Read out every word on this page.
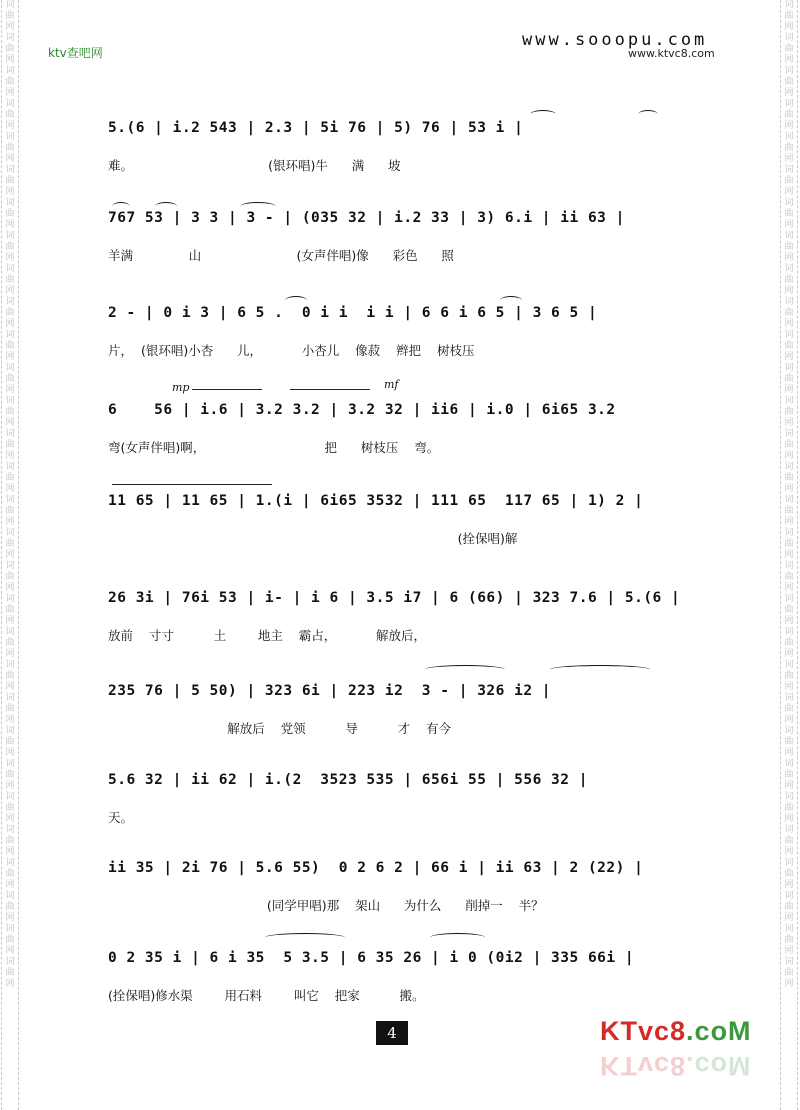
词曲网词曲网词曲网词曲网词曲网词曲网词曲网词曲网词曲网词曲网词曲网词曲网词曲网词曲网词曲网词曲网词曲网词曲网词曲网词曲网词曲网词曲网词曲网词曲网词曲网词曲网词曲网词曲网词曲网词曲网
词曲网词曲网词曲网词曲网词曲网词曲网词曲网词曲网词曲网词曲网词曲网词曲网词曲网词曲网词曲网词曲网词曲网词曲网词曲网词曲网词曲网词曲网词曲网词曲网词曲网词曲网词曲网词曲网词曲网词曲网
ktv查吧网
www.sooopu.com
www.ktvc8.com
5.(6 | i.2 543 | 2.3 | 5i 76 | 5) 76 | 53 i |
难。                                  (银环唱)牛      满      坡
767 53 | 3 3 | 3 - | (035 32 | i.2 33 | 3) 6.i | ii 63 |
羊满              山                        (女声伴唱)像      彩色      照
2 - | 0 i 3 | 6 5 .  0 i i  i i | 6 6 i 6 5 | 3 6 5 |
片，  (银环唱)小杏      儿，          小杏儿    像菽    辫把    树枝压
6    56 | i.6 | 3.2 3.2 | 3.2 32 | ii6 | i.0 | 6i65 3.2
弯(女声伴唱)啊，                              把      树枝压    弯。
11 65 | 11 65 | 1.(i | 6i65 3532 | 111 65  117 65 | 1) 2 |
(拴保唱)解
26 3i | 76i 53 | i- | i 6 | 3.5 i7 | 6 (66) | 323 7.6 | 5.(6 |
放前    寸寸          土        地主    霸占，          解放后，
235 76 | 5 50) | 323 6i | 223 i2  3 - | 326 i2 |
解放后    党领          导          才    有今
5.6 32 | ii 62 | i.(2  3523 535 | 656i 55 | 556 32 |
天。
ii 35 | 2i 76 | 5.6 55)  0 2 6 2 | 66 i | ii 63 | 2 (22) |
(同学甲唱)那    架山      为什么      削掉一    半？
0 2 35 i | 6 i 35  5 3.5 | 6 35 26 | i 0 (0i2 | 335 66i |
(拴保唱)修水渠        用石料        叫它    把家          搬。
mp	mf
4	KTvc8.coM
KTvc8.coM
